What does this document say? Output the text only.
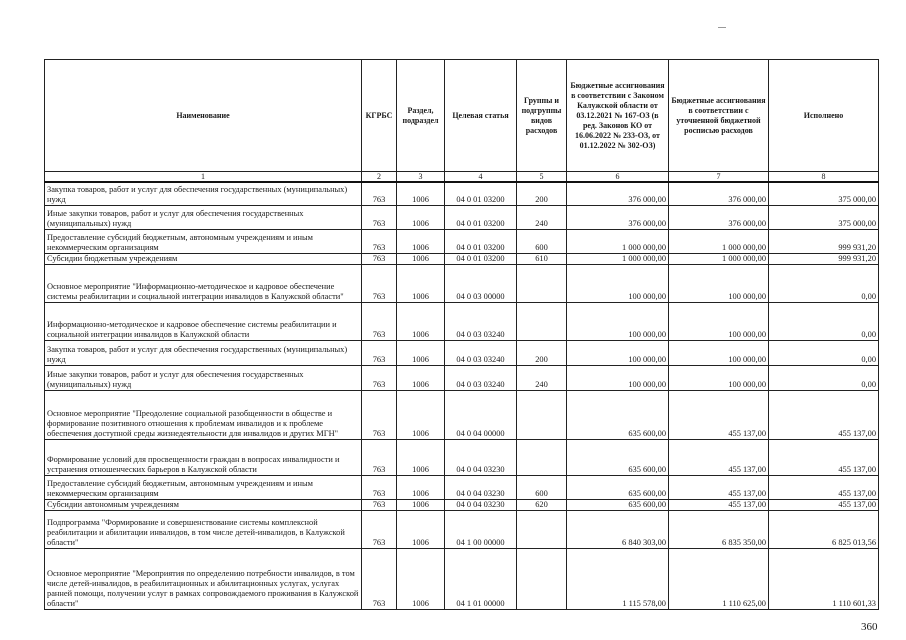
Наименование	КГРБС	Раздел, подраздел	Целевая статья	Группы и подгруппы видов расходов	Бюджетные ассигнования в соответствии с Законом Калужской области от 03.12.2021 № 167-ОЗ (в ред. Законов КО от 16.06.2022 № 233-ОЗ, от 01.12.2022 № 302-ОЗ)	Бюджетные ассигнования в соответствии с уточненной бюджетной росписью расходов	Исполнено
1	2	3	4	5	6	7	8
Закупка товаров, работ и услуг для обеспечения государственных (муниципальных) нужд	763	1006	04 0 01 03200	200	376 000,00	376 000,00	375 000,00
Иные закупки товаров, работ и услуг для обеспечения государственных (муниципальных) нужд	763	1006	04 0 01 03200	240	376 000,00	376 000,00	375 000,00
Предоставление субсидий бюджетным, автономным учреждениям и иным некоммерческим организациям	763	1006	04 0 01 03200	600	1 000 000,00	1 000 000,00	999 931,20
Субсидии бюджетным учреждениям	763	1006	04 0 01 03200	610	1 000 000,00	1 000 000,00	999 931,20
Основное мероприятие "Информационно-методическое и кадровое обеспечение системы реабилитации и социальной интеграции инвалидов в Калужской области"	763	1006	04 0 03 00000		100 000,00	100 000,00	0,00
Информационно-методическое и кадровое обеспечение системы реабилитации и социальной интеграции инвалидов в Калужской области	763	1006	04 0 03 03240		100 000,00	100 000,00	0,00
Закупка товаров, работ и услуг для обеспечения государственных (муниципальных) нужд	763	1006	04 0 03 03240	200	100 000,00	100 000,00	0,00
Иные закупки товаров, работ и услуг для обеспечения государственных (муниципальных) нужд	763	1006	04 0 03 03240	240	100 000,00	100 000,00	0,00
Основное мероприятие "Преодоление социальной разобщенности в обществе и формирование позитивного отношения к проблемам инвалидов и к проблеме обеспечения доступной среды жизнедеятельности для инвалидов и других МГН"	763	1006	04 0 04 00000		635 600,00	455 137,00	455 137,00
Формирование условий для просвещенности граждан в вопросах инвалидности и устранения отношенческих барьеров в Калужской области	763	1006	04 0 04 03230		635 600,00	455 137,00	455 137,00
Предоставление субсидий бюджетным, автономным учреждениям и иным некоммерческим организациям	763	1006	04 0 04 03230	600	635 600,00	455 137,00	455 137,00
Субсидии автономным учреждениям	763	1006	04 0 04 03230	620	635 600,00	455 137,00	455 137,00
Подпрограмма "Формирование и совершенствование системы комплексной реабилитации и абилитации инвалидов, в том числе детей-инвалидов, в Калужской области"	763	1006	04 1 00 00000		6 840 303,00	6 835 350,00	6 825 013,56
Основное мероприятие "Мероприятия по определению потребности инвалидов, в том числе детей-инвалидов, в реабилитационных и абилитационных услугах, услугах ранней помощи, получении услуг в рамках сопровождаемого проживания в Калужской области"	763	1006	04 1 01 00000		1 115 578,00	1 110 625,00	1 110 601,33
360
